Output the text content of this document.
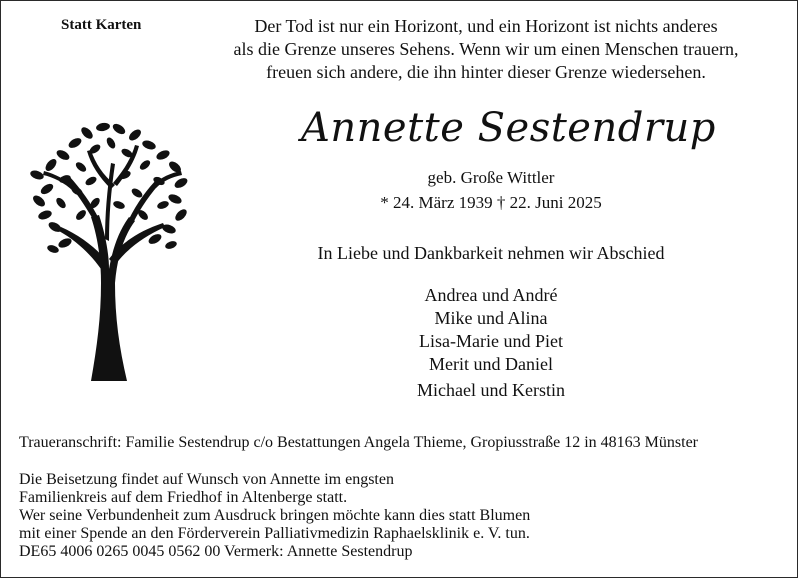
Statt Karten	Der Tod ist nur ein Horizont, und ein Horizont ist nichts anderes
als die Grenze unseres Sehens. Wenn wir um einen Menschen trauern,
freuen sich andere, die ihn hinter dieser Grenze wiedersehen.
Annette Sestendrup
geb. Große Wittler
* 24. März 1939 † 22. Juni 2025
In Liebe und Dankbarkeit nehmen wir Abschied
Andrea und André
Mike und Alina
Lisa-Marie und Piet
Merit und Daniel
Michael und Kerstin
Traueranschrift: Familie Sestendrup c/o Bestattungen Angela Thieme, Gropiusstraße 12 in 48163 Münster
Die Beisetzung findet auf Wunsch von Annette im engsten
Familienkreis auf dem Friedhof in Altenberge statt.
Wer seine Verbundenheit zum Ausdruck bringen möchte kann dies statt Blumen
mit einer Spende an den Förderverein Palliativmedizin Raphaelsklinik e. V. tun.
DE65 4006 0265 0045 0562 00 Vermerk: Annette Sestendrup
